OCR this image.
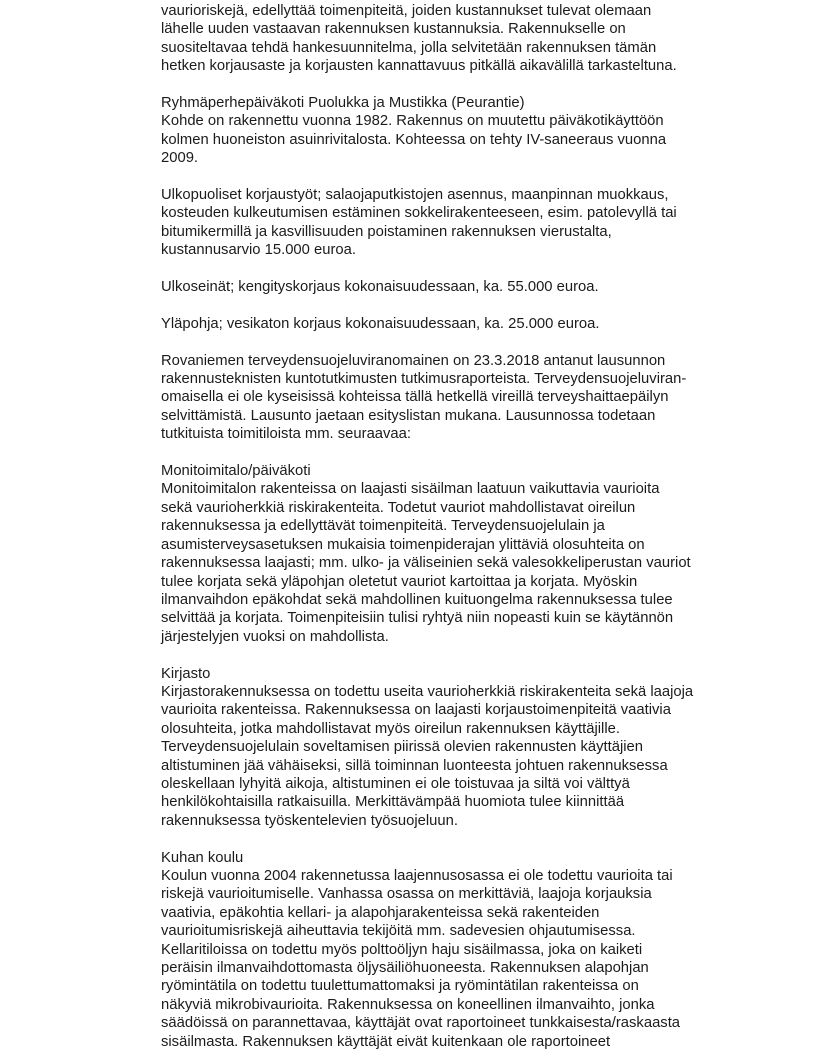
vaurioriskejä, edellyttää toimenpiteitä, joiden kustannukset tulevat olemaan
lähelle uuden vastaavan rakennuksen kustannuksia. Rakennukselle on
suositeltavaa tehdä hankesuunnitelma, jolla selvitetään rakennuksen tämän
hetken korjausaste ja korjausten kannattavuus pitkällä aikavälillä tarkasteltuna.
Ryhmäperhepäiväkoti Puolukka ja Mustikka (Peurantie)
Kohde on rakennettu vuonna 1982. Rakennus on muutettu päiväkotikäyttöön
kolmen huoneiston asuinrivitalosta. Kohteessa on tehty IV-saneeraus vuonna
2009.
Ulkopuoliset korjaustyöt; salaojaputkistojen asennus, maanpinnan muokkaus,
kosteuden kulkeutumisen estäminen sokkelirakenteeseen, esim. patolevyllä tai
bitumikermillä ja kasvillisuuden poistaminen rakennuksen vierustalta,
kustannusarvio 15.000 euroa.
Ulkoseinät; kengityskorjaus kokonaisuudessaan, ka. 55.000 euroa.
Yläpohja; vesikaton korjaus kokonaisuudessaan, ka. 25.000 euroa.
Rovaniemen terveydensuojeluviranomainen on 23.3.2018 antanut lausunnon
rakennusteknisten kuntotutkimusten tutkimusraporteista. Terveydensuojeluviran-
omaisella ei ole kyseisissä kohteissa tällä hetkellä vireillä terveyshaittaepäilyn
selvittämistä. Lausunto jaetaan esityslistan mukana. Lausunnossa todetaan
tutkituista toimitiloista mm. seuraavaa:
Monitoimitalo/päiväkoti
Monitoimitalon rakenteissa on laajasti sisäilman laatuun vaikuttavia vaurioita
sekä vaurioherkkiä riskirakenteita. Todetut vauriot mahdollistavat oireilun
rakennuksessa ja edellyttävät toimenpiteitä. Terveydensuojelulain ja
asumisterveysasetuksen mukaisia toimenpiderajan ylittäviä olosuhteita on
rakennuksessa laajasti; mm. ulko- ja väliseinien sekä valesokkeliperustan vauriot
tulee korjata sekä yläpohjan oletetut vauriot kartoittaa ja korjata. Myöskin
ilmanvaihdon epäkohdat sekä mahdollinen kuituongelma rakennuksessa tulee
selvittää ja korjata. Toimenpiteisiin tulisi ryhtyä niin nopeasti kuin se käytännön
järjestelyjen vuoksi on mahdollista.
Kirjasto
Kirjastorakennuksessa on todettu useita vaurioherkkiä riskirakenteita sekä laajoja
vaurioita rakenteissa. Rakennuksessa on laajasti korjaustoimenpiteitä vaativia
olosuhteita, jotka mahdollistavat myös oireilun rakennuksen käyttäjille.
Terveydensuojelulain soveltamisen piirissä olevien rakennusten käyttäjien
altistuminen jää vähäiseksi, sillä toiminnan luonteesta johtuen rakennuksessa
oleskellaan lyhyitä aikoja, altistuminen ei ole toistuvaa ja siltä voi välttyä
henkilökohtaisilla ratkaisuilla. Merkittävämpää huomiota tulee kiinnittää
rakennuksessa työskentelevien työsuojeluun.
Kuhan koulu
Koulun vuonna 2004 rakennetussa laajennusosassa ei ole todettu vaurioita tai
riskejä vaurioitumiselle. Vanhassa osassa on merkittäviä, laajoja korjauksia
vaativia, epäkohtia kellari- ja alapohjarakenteissa sekä rakenteiden
vaurioitumisriskejä aiheuttavia tekijöitä mm. sadevesien ohjautumisessa.
Kellaritiloissa on todettu myös polttoöljyn haju sisäilmassa, joka on kaiketi
peräisin ilmanvaihdottomasta öljysäiliöhuoneesta. Rakennuksen alapohjan
ryömintätila on todettu tuulettumattomaksi ja ryömintätilan rakenteissa on
näkyviä mikrobivaurioita. Rakennuksessa on koneellinen ilmanvaihto, jonka
säädöissä on parannettavaa, käyttäjät ovat raportoineet tunkkaisesta/raskaasta
sisäilmasta. Rakennuksen käyttäjät eivät kuitenkaan ole raportoineet
